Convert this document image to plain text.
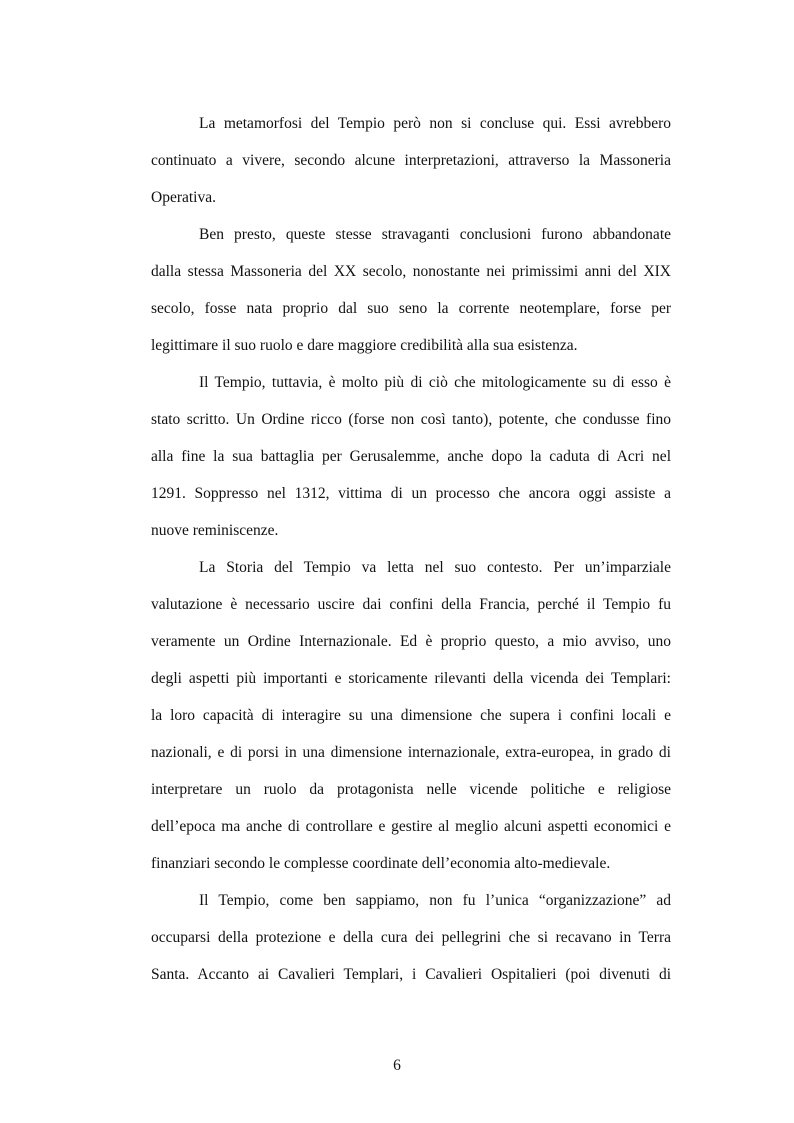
La metamorfosi del Tempio però non si concluse qui. Essi avrebbero
continuato a vivere, secondo alcune interpretazioni, attraverso la Massoneria
Operativa.
Ben presto, queste stesse stravaganti conclusioni furono abbandonate
dalla stessa Massoneria del XX secolo, nonostante nei primissimi anni del XIX
secolo, fosse nata proprio dal suo seno la corrente neotemplare, forse per
legittimare il suo ruolo e dare maggiore credibilità alla sua esistenza.
Il Tempio, tuttavia, è molto più di ciò che mitologicamente su di esso è
stato scritto. Un Ordine ricco (forse non così tanto), potente, che condusse fino
alla fine la sua battaglia per Gerusalemme, anche dopo la caduta di Acri nel
1291. Soppresso nel 1312, vittima di un processo che ancora oggi assiste a
nuove reminiscenze.
La Storia del Tempio va letta nel suo contesto. Per un’imparziale
valutazione è necessario uscire dai confini della Francia, perché il Tempio fu
veramente un Ordine Internazionale. Ed è proprio questo, a mio avviso, uno
degli aspetti più importanti e storicamente rilevanti della vicenda dei Templari:
la loro capacità di interagire su una dimensione che supera i confini locali e
nazionali, e di porsi in una dimensione internazionale, extra-europea, in grado di
interpretare un ruolo da protagonista nelle vicende politiche e religiose
dell’epoca ma anche di controllare e gestire al meglio alcuni aspetti economici e
finanziari secondo le complesse coordinate dell’economia alto-medievale.
Il Tempio, come ben sappiamo, non fu l’unica “organizzazione” ad
occuparsi della protezione e della cura dei pellegrini che si recavano in Terra
Santa. Accanto ai Cavalieri Templari, i Cavalieri Ospitalieri (poi divenuti di
6
